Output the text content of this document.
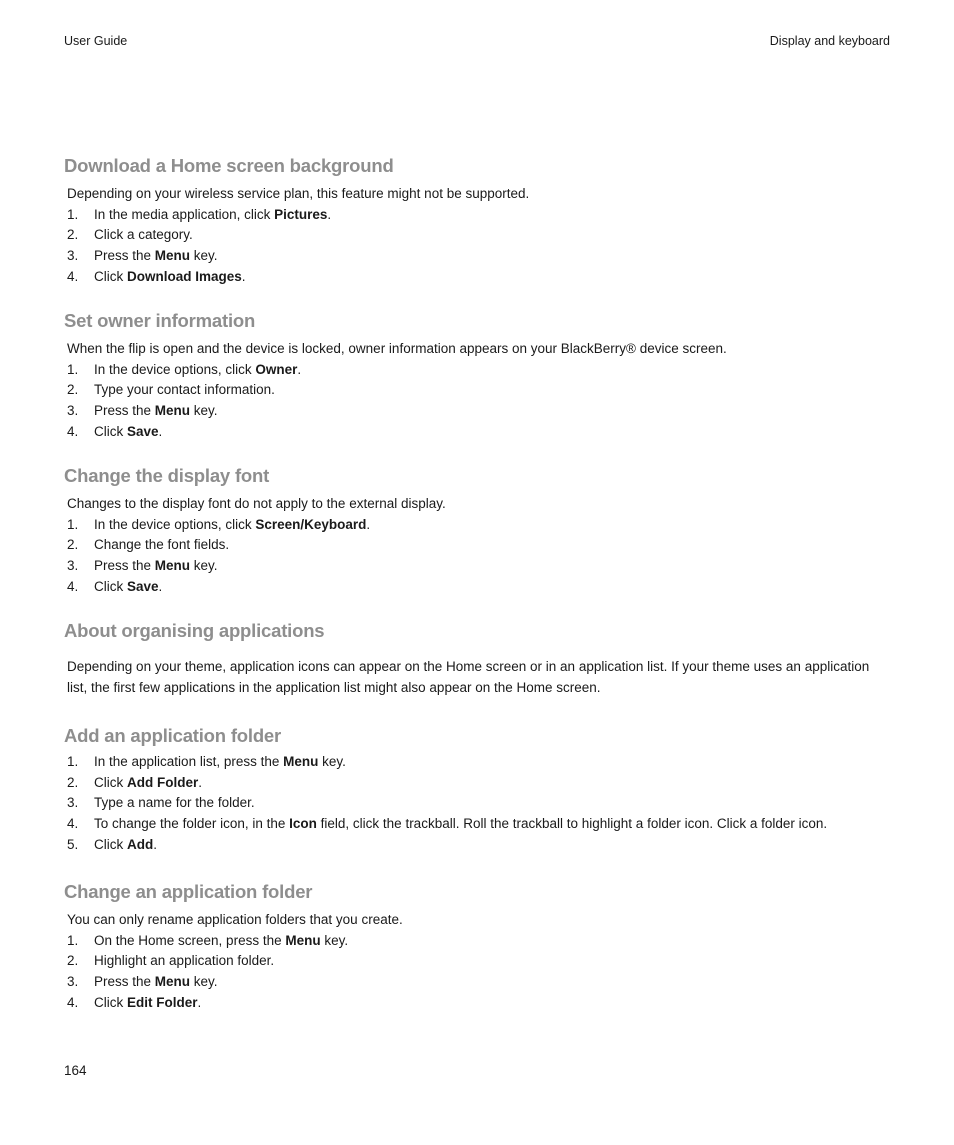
User Guide	Display and keyboard
Download a Home screen background

Depending on your wireless service plan, this feature might not be supported.

1. In the media application, click Pictures.
2. Click a category.
3. Press the Menu key.
4. Click Download Images.
Set owner information

When the flip is open and the device is locked, owner information appears on your BlackBerry® device screen.

1. In the device options, click Owner.
2. Type your contact information.
3. Press the Menu key.
4. Click Save.
Change the display font

Changes to the display font do not apply to the external display.

1. In the device options, click Screen/Keyboard.
2. Change the font fields.
3. Press the Menu key.
4. Click Save.
About organising applications

Depending on your theme, application icons can appear on the Home screen or in an application list. If your theme uses an application
list, the first few applications in the application list might also appear on the Home screen.

Add an application folder
1. In the application list, press the Menu key.
2. Click Add Folder.
3. Type a name for the folder.
4. To change the folder icon, in the Icon field, click the trackball. Roll the trackball to highlight a folder icon. Click a folder icon.
5. Click Add.
Change an application folder

You can only rename application folders that you create.

1. On the Home screen, press the Menu key.
2. Highlight an application folder.
3. Press the Menu key.
4. Click Edit Folder.
164
